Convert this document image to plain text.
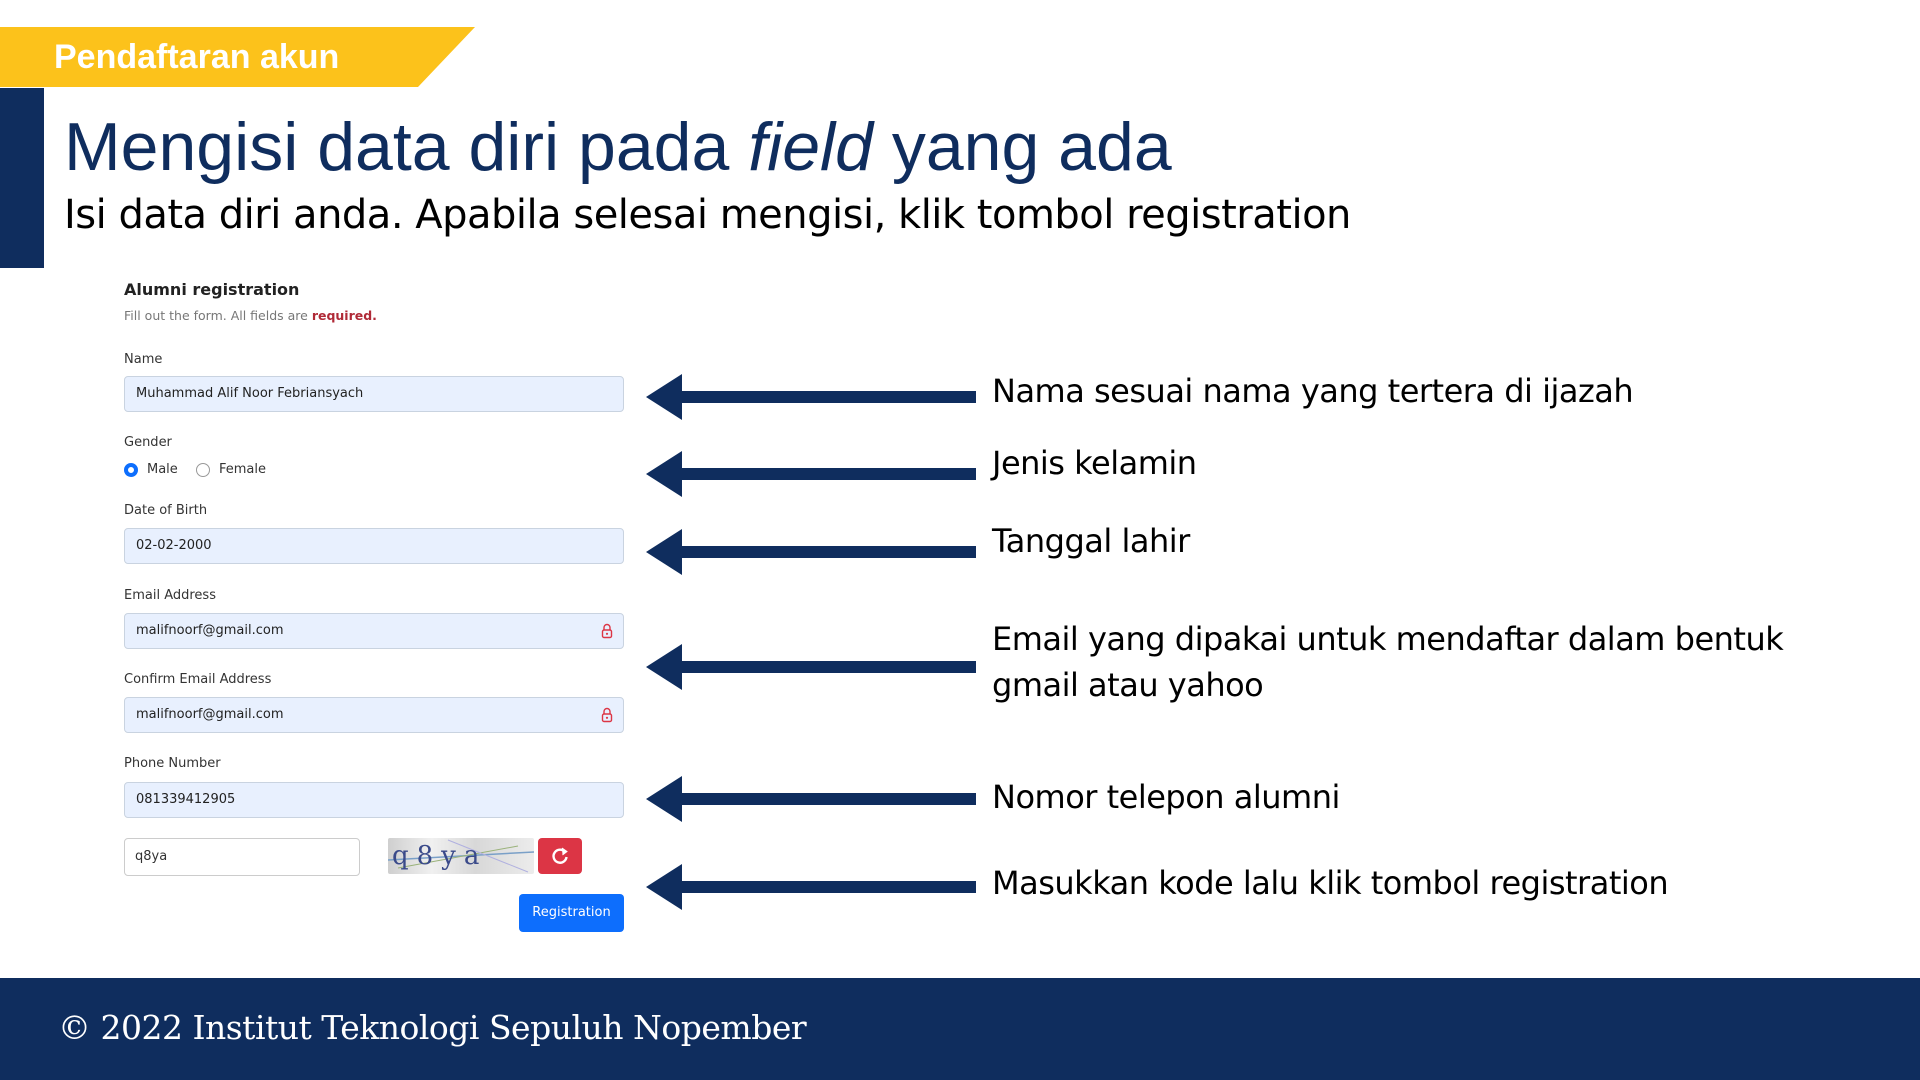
Pendaftaran akun
Mengisi data diri pada field yang ada
Isi data diri anda. Apabila selesai mengisi, klik tombol registration
Alumni registration
Fill out the form. All fields are required.
Name
Muhammad Alif Noor Febriansyach
Gender
Male	Female
Date of Birth
02-02-2000
Email Address
malifnoorf@gmail.com
Confirm Email Address
malifnoorf@gmail.com
Phone Number
081339412905
q8ya	q8ya
Registration
Nama sesuai nama yang tertera di ijazah
Jenis kelamin
Tanggal lahir
Email yang dipakai untuk mendaftar dalam bentuk
gmail atau yahoo
Nomor telepon alumni
Masukkan kode lalu klik tombol registration
© 2022 Institut Teknologi Sepuluh Nopember
